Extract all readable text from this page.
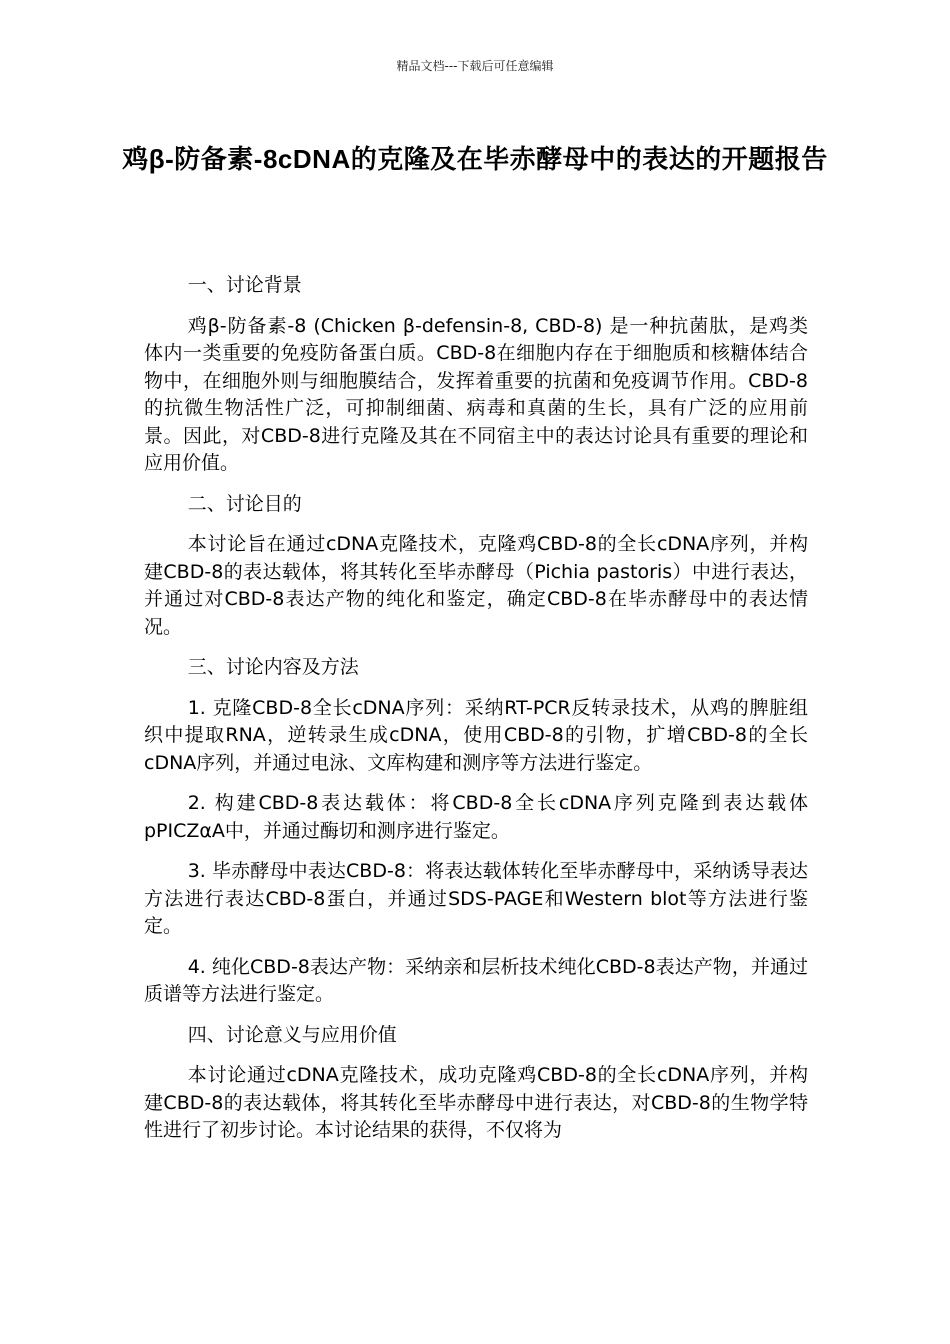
精品文档---下载后可任意编辑
鸡β-防备素-8cDNA的克隆及在毕赤酵母中的表达的开题报告

一、讨论背景

鸡β-防备素-8 (Chicken β-defensin-8, CBD-8) 是一种抗菌肽，是鸡类体内一类重要的免疫防备蛋白质。CBD-8在细胞内存在于细胞质和核糖体结合物中，在细胞外则与细胞膜结合，发挥着重要的抗菌和免疫调节作用。CBD-8的抗微生物活性广泛，可抑制细菌、病毒和真菌的生长，具有广泛的应用前景。因此，对CBD-8进行克隆及其在不同宿主中的表达讨论具有重要的理论和应用价值。

二、讨论目的

本讨论旨在通过cDNA克隆技术，克隆鸡CBD-8的全长cDNA序列，并构建CBD-8的表达载体，将其转化至毕赤酵母（Pichia pastoris）中进行表达，并通过对CBD-8表达产物的纯化和鉴定，确定CBD-8在毕赤酵母中的表达情况。

三、讨论内容及方法

1. 克隆CBD-8全长cDNA序列：采纳RT-PCR反转录技术，从鸡的脾脏组织中提取RNA，逆转录生成cDNA，使用CBD-8的引物，扩增CBD-8的全长cDNA序列，并通过电泳、文库构建和测序等方法进行鉴定。

2. 构建CBD-8表达载体：将CBD-8全长cDNA序列克隆到表达载体pPICZαA中，并通过酶切和测序进行鉴定。

3. 毕赤酵母中表达CBD-8：将表达载体转化至毕赤酵母中，采纳诱导表达方法进行表达CBD-8蛋白，并通过SDS-PAGE和Western blot等方法进行鉴定。

4. 纯化CBD-8表达产物：采纳亲和层析技术纯化CBD-8表达产物，并通过质谱等方法进行鉴定。

四、讨论意义与应用价值

本讨论通过cDNA克隆技术，成功克隆鸡CBD-8的全长cDNA序列，并构建CBD-8的表达载体，将其转化至毕赤酵母中进行表达，对CBD-8的生物学特性进行了初步讨论。本讨论结果的获得，不仅将为
